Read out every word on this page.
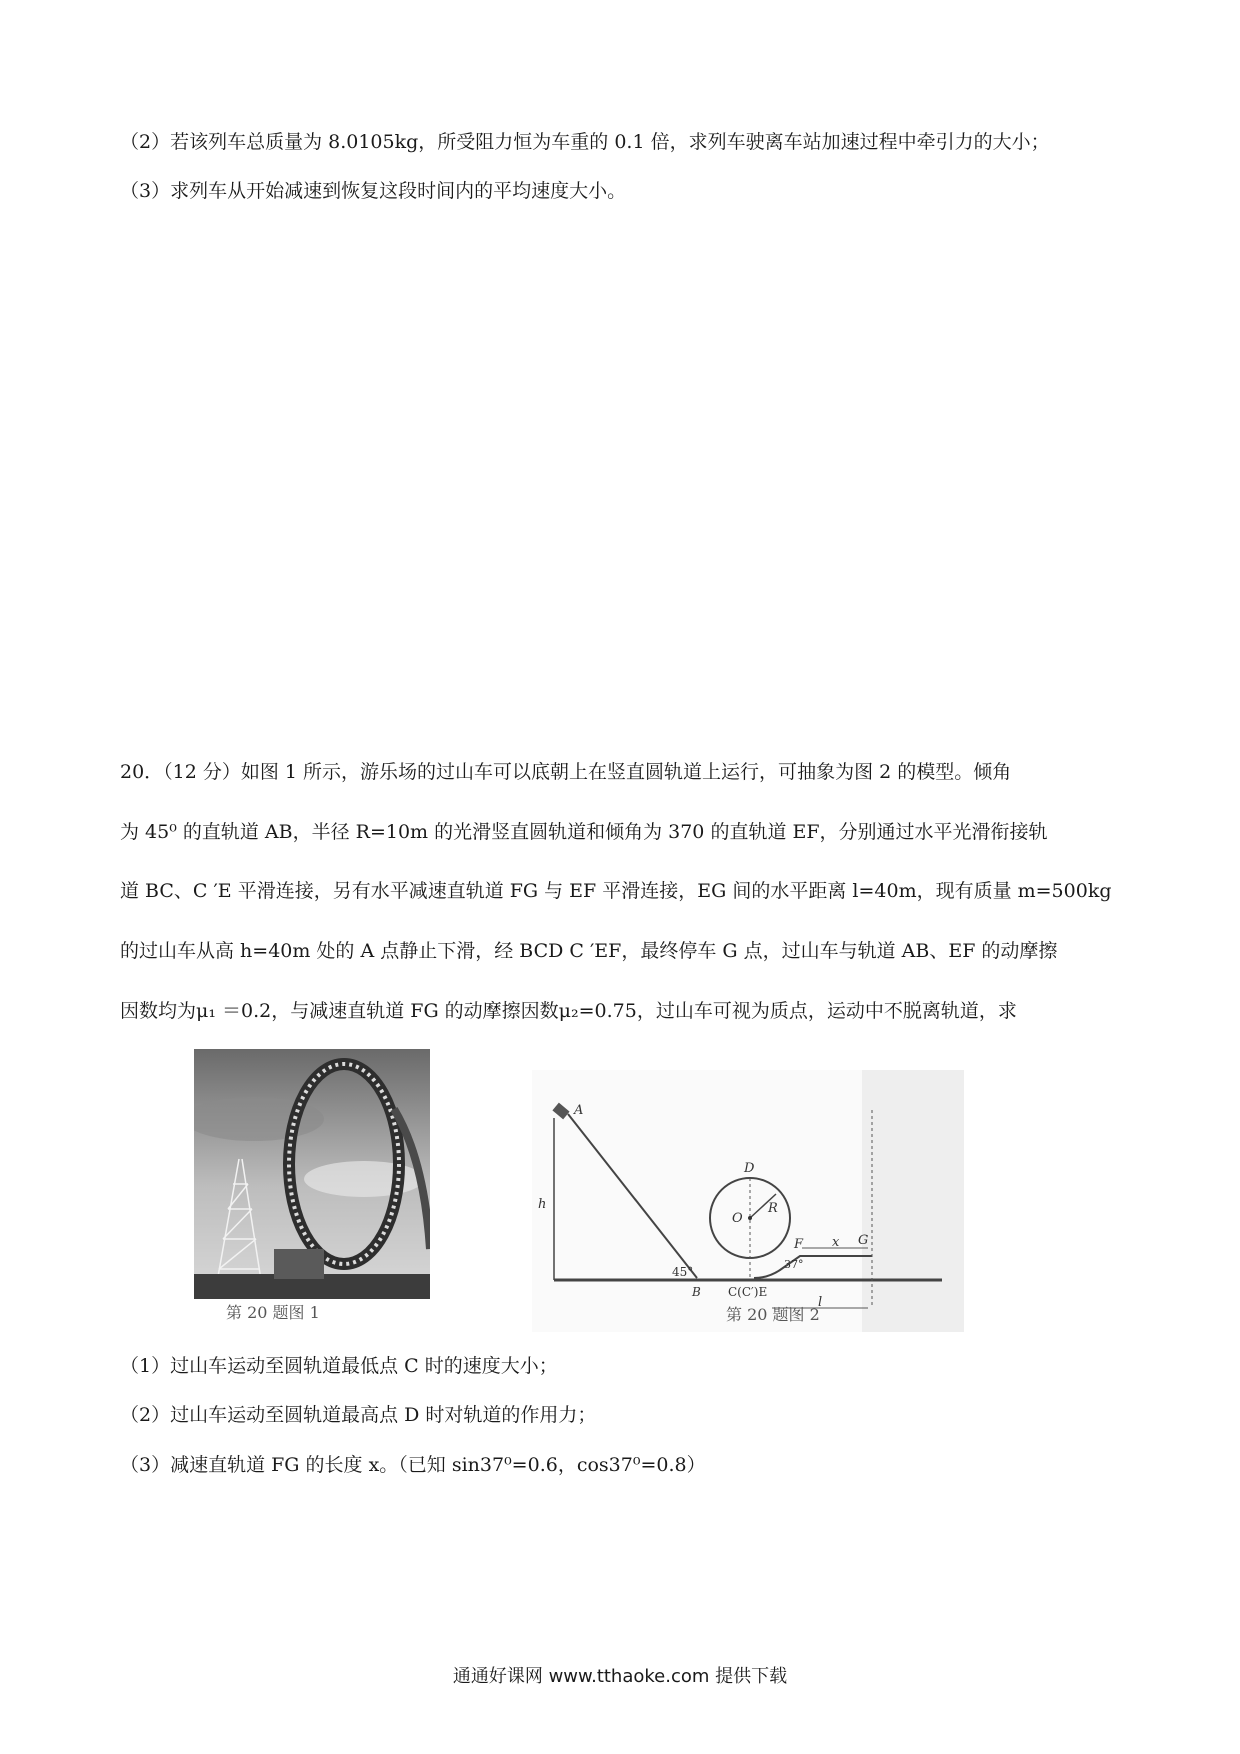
（2）若该列车总质量为 8.0105kg，所受阻力恒为车重的 0.1 倍，求列车驶离车站加速过程中牵引力的大小；
（3）求列车从开始减速到恢复这段时间内的平均速度大小。
20．（12 分）如图 1 所示，游乐场的过山车可以底朝上在竖直圆轨道上运行，可抽象为图 2 的模型。倾角
为 45⁰ 的直轨道 AB，半径 R=10m 的光滑竖直圆轨道和倾角为 370 的直轨道 EF，分别通过水平光滑衔接轨
道 BC、C ′E 平滑连接，另有水平减速直轨道 FG 与 EF 平滑连接，EG 间的水平距离 l=40m，现有质量 m=500kg
的过山车从高 h=40m 处的 A 点静止下滑，经 BCD C ′EF，最终停车 G 点，过山车与轨道 AB、EF 的动摩擦
因数均为μ₁ ＝0.2，与减速直轨道 FG 的动摩擦因数μ₂=0.75，过山车可视为质点，运动中不脱离轨道，求
第 20 题图 1
A
h
D
O
R
F x G
45°
37°
B C(C′)E
l
第 20 题图 2
（1）过山车运动至圆轨道最低点 C 时的速度大小；
（2）过山车运动至圆轨道最高点 D 时对轨道的作用力；
（3）减速直轨道 FG 的长度 x。（已知 sin37⁰=0.6，cos37⁰=0.8）
通通好课网 www.tthaoke.com 提供下载
